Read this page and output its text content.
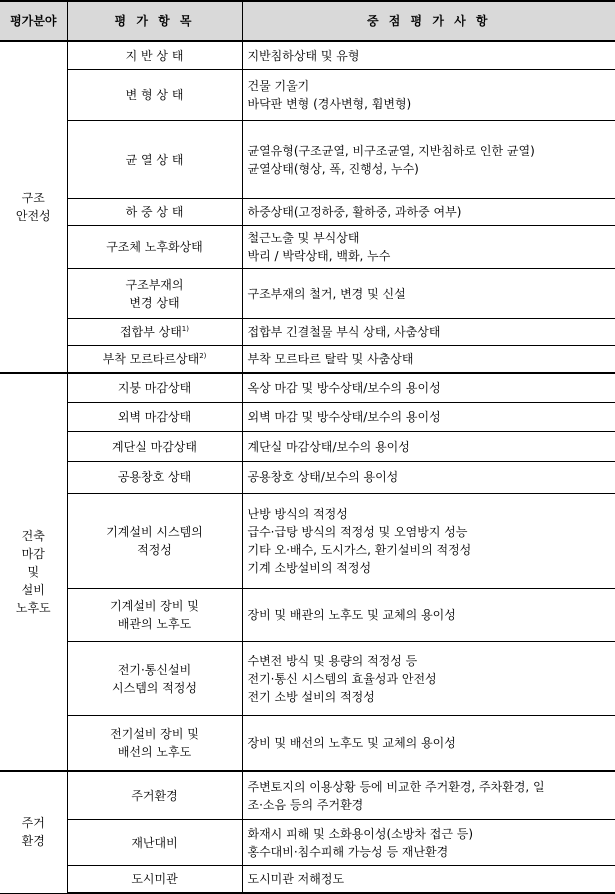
평가분야	평 가 항 목	중 점 평 가 사 항

구조
안전성	지 반 상 태	지반침하상태 및 유형

	변 형 상 태	건물 기울기
바닥판 변형 (경사변형, 휨변형)

	균 열 상 태	균열유형(구조균열, 비구조균열, 지반침하로 인한 균열)
균열상태(형상, 폭, 진행성, 누수)

	하 중 상 태	하중상태(고정하중, 활하중, 과하중 여부)

	구조체 노후화상태	철근노출 및 부식상태
박리 / 박락상태, 백화, 누수

	구조부재의
변경 상태	구조부재의 철거, 변경 및 신설

	접합부 상태$^{1)}$	접합부 긴결철물 부식 상태, 사춤상태

	부착 모르타르상태$^{2)}$	부착 모르타르 탈락 및 사춤상태

건축
마감
및
설비
노후도	지붕 마감상태	옥상 마감 및 방수상태/보수의 용이성

	외벽 마감상태	외벽 마감 및 방수상태/보수의 용이성

	계단실 마감상태	계단실 마감상태/보수의 용이성

	공용창호 상태	공용창호 상태/보수의 용이성

	기계설비 시스템의
적정성	난방 방식의 적정성
급수·급탕 방식의 적정성 및 오염방지 성능
기타 오·배수, 도시가스, 환기설비의 적정성
기계 소방설비의 적정성

	기계설비 장비 및
배관의 노후도	장비 및 배관의 노후도 및 교체의 용이성

	전기·통신설비
시스템의 적정성	수변전 방식 및 용량의 적정성 등
전기·통신 시스템의 효율성과 안전성
전기 소방 설비의 적정성

	전기설비 장비 및
배선의 노후도	장비 및 배선의 노후도 및 교체의 용이성

주거
환경	주거환경	주변토지의 이용상황 등에 비교한 주거환경, 주차환경, 일
조·소음 등의 주거환경

	재난대비	화재시 피해 및 소화용이성(소방차 접근 등)
홍수대비·침수피해 가능성 등 재난환경

	도시미관	도시미관 저해정도
